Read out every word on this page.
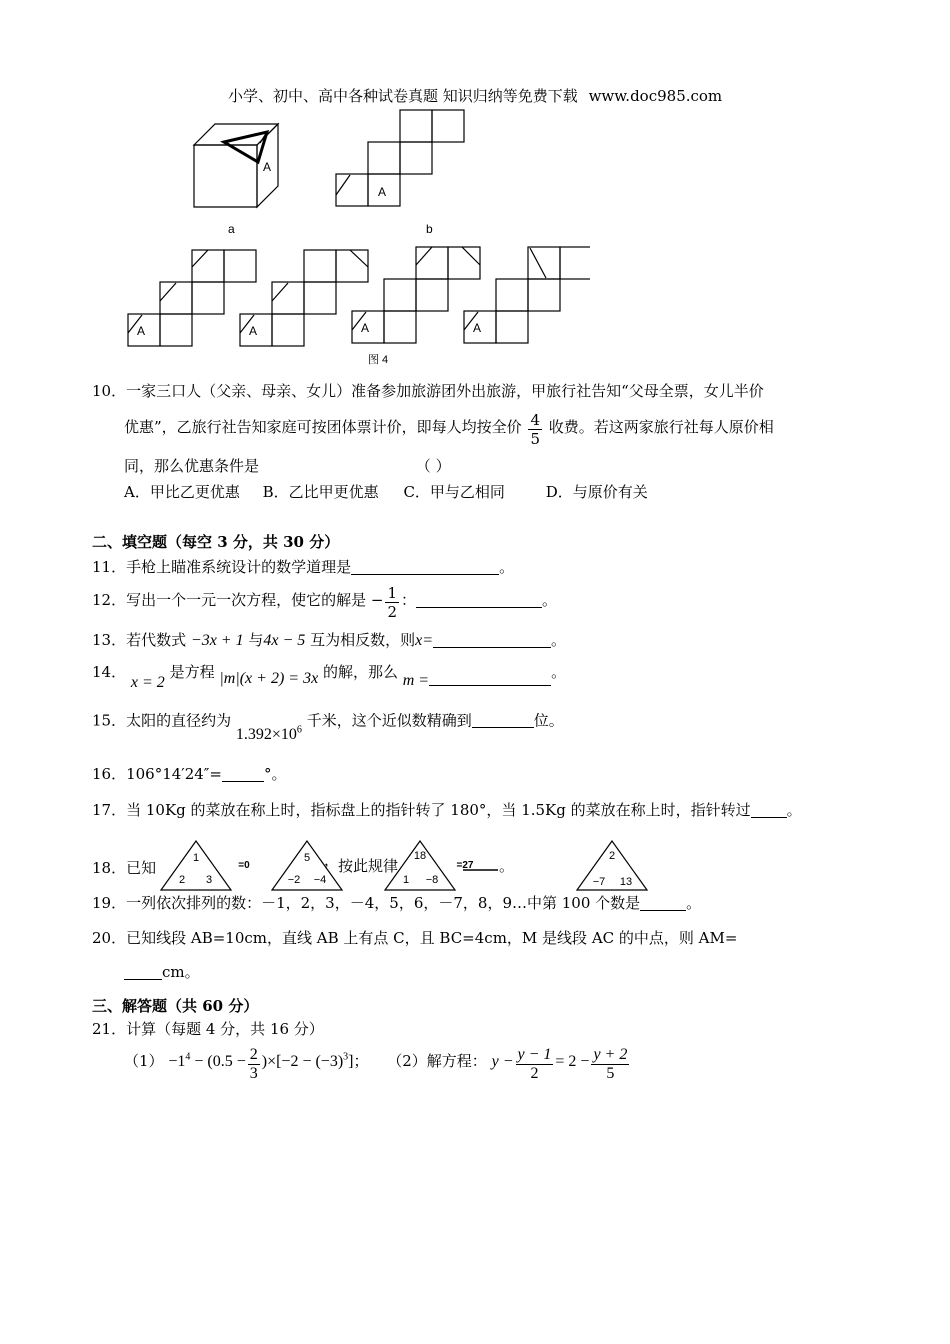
小学、初中、高中各种试卷真题 知识归纳等免费下载 www.doc985.com
A
A
A	A	A	A
a	b
图 4
10．一家三口人（父亲、母亲、女儿）准备参加旅游团外出旅游，甲旅行社告知“父母全票，女儿半价
优惠”，乙旅行社告知家庭可按团体票计价，即每人均按全价 $\frac{4}{5}$ 收费。若这两家旅行社每人原价相
同，那么优惠条件是	（ ）
A．甲比乙更优惠 B．乙比甲更优惠 C．甲与乙相同	D．与原价有关
二、填空题（每空 3 分，共 30 分）
11．手枪上瞄准系统设计的数学道理是	。
12．写出一个一元一次方程，使它的解是 − $\frac{1}{2}$ ：	。
13．若代数式 −3x + 1 与4x − 5 互为相反数，则x=	。
14． x = 2 是方程 |m|(x + 2) = 3x 的解，那么 m =	。
15．太阳的直径约为 $1.392\times 10^6$ 千米，这个近似数精确到	位。
16．106°14′24″=	°。
17．当 10Kg 的菜放在称上时，指标盘上的指针转了 180°，当 1.5Kg 的菜放在称上时，指针转过 。
18．已知
1
2 3
=0
5
−2 −4
18
1 −8
=27
2
−7 13
，
按此规律	。
19．一列依次排列的数：－1，2，3，－4，5，6，－7，8，9…中第 100 个数是	。
20．已知线段 AB=10cm，直线 AB 上有点 C，且 BC=4cm，M 是线段 AC 的中点，则 AM=
cm。
三、解答题（共 60 分）
21．计算（每题 4 分，共 16 分）
$(1) -1^4 - (0.5 - \frac{2}{3} )\times[-2 - (-3)^3]$； （2）解方程： $y - \frac{y - 1}{2} = 2 - \frac{y + 2}{5}$
